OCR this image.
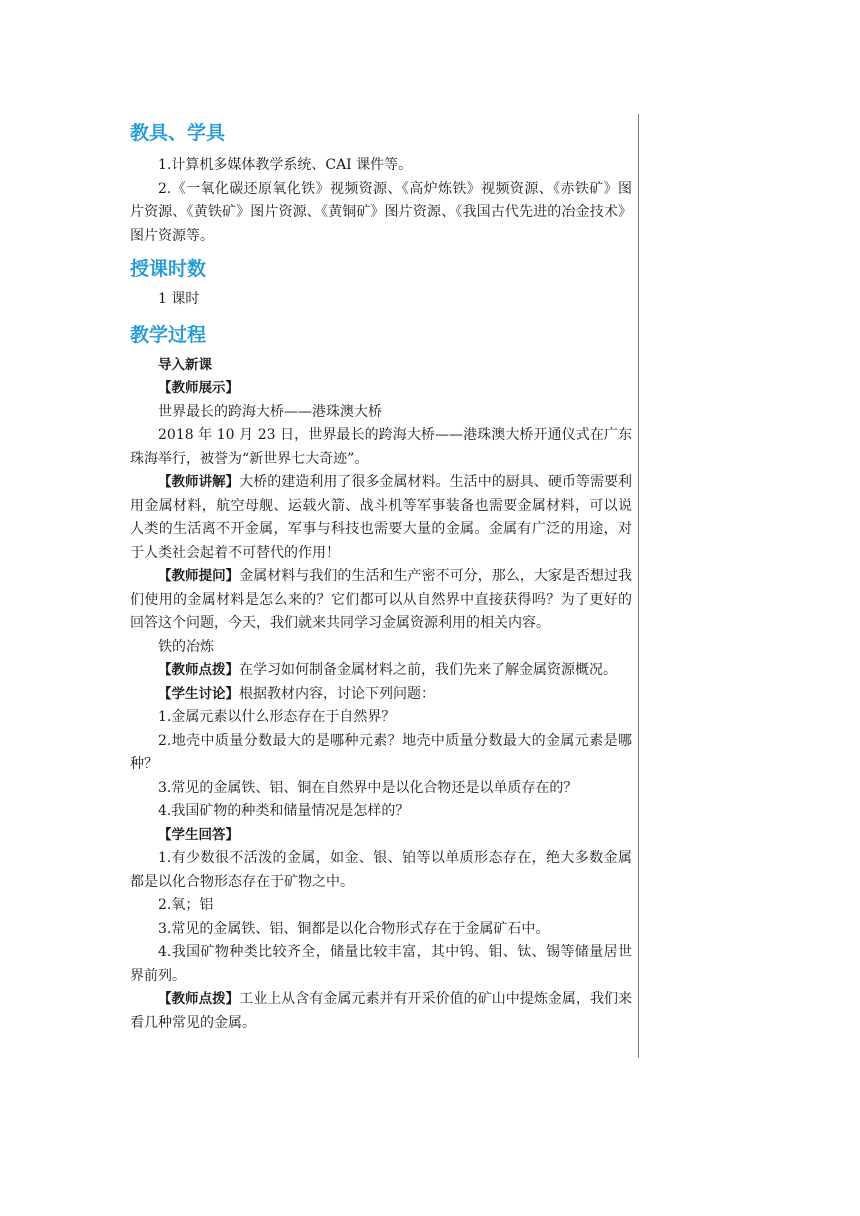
教具、学具

1.计算机多媒体教学系统、CAI 课件等。

2.《一氧化碳还原氧化铁》视频资源、《高炉炼铁》视频资源、《赤铁矿》图片资源、《黄铁矿》图片资源、《黄铜矿》图片资源、《我国古代先进的冶金技术》图片资源等。

授课时数

1 课时

教学过程

导入新课

【教师展示】

世界最长的跨海大桥——港珠澳大桥

2018 年 10 月 23 日，世界最长的跨海大桥——港珠澳大桥开通仪式在广东珠海举行，被誉为“新世界七大奇迹”。

【教师讲解】大桥的建造利用了很多金属材料。生活中的厨具、硬币等需要利用金属材料，航空母舰、运载火箭、战斗机等军事装备也需要金属材料，可以说人类的生活离不开金属，军事与科技也需要大量的金属。金属有广泛的用途，对于人类社会起着不可替代的作用！

【教师提问】金属材料与我们的生活和生产密不可分，那么，大家是否想过我们使用的金属材料是怎么来的？它们都可以从自然界中直接获得吗？为了更好的回答这个问题，今天，我们就来共同学习金属资源利用的相关内容。

铁的冶炼

【教师点拨】在学习如何制备金属材料之前，我们先来了解金属资源概况。

【学生讨论】根据教材内容，讨论下列问题：

1.金属元素以什么形态存在于自然界？

2.地壳中质量分数最大的是哪种元素？地壳中质量分数最大的金属元素是哪种？

3.常见的金属铁、铝、铜在自然界中是以化合物还是以单质存在的？

4.我国矿物的种类和储量情况是怎样的？

【学生回答】

1.有少数很不活泼的金属，如金、银、铂等以单质形态存在，绝大多数金属都是以化合物形态存在于矿物之中。

2.氧；铝

3.常见的金属铁、铝、铜都是以化合物形式存在于金属矿石中。

4.我国矿物种类比较齐全，储量比较丰富，其中钨、钼、钛、锡等储量居世界前列。

【教师点拨】工业上从含有金属元素并有开采价值的矿山中提炼金属，我们来看几种常见的金属。
